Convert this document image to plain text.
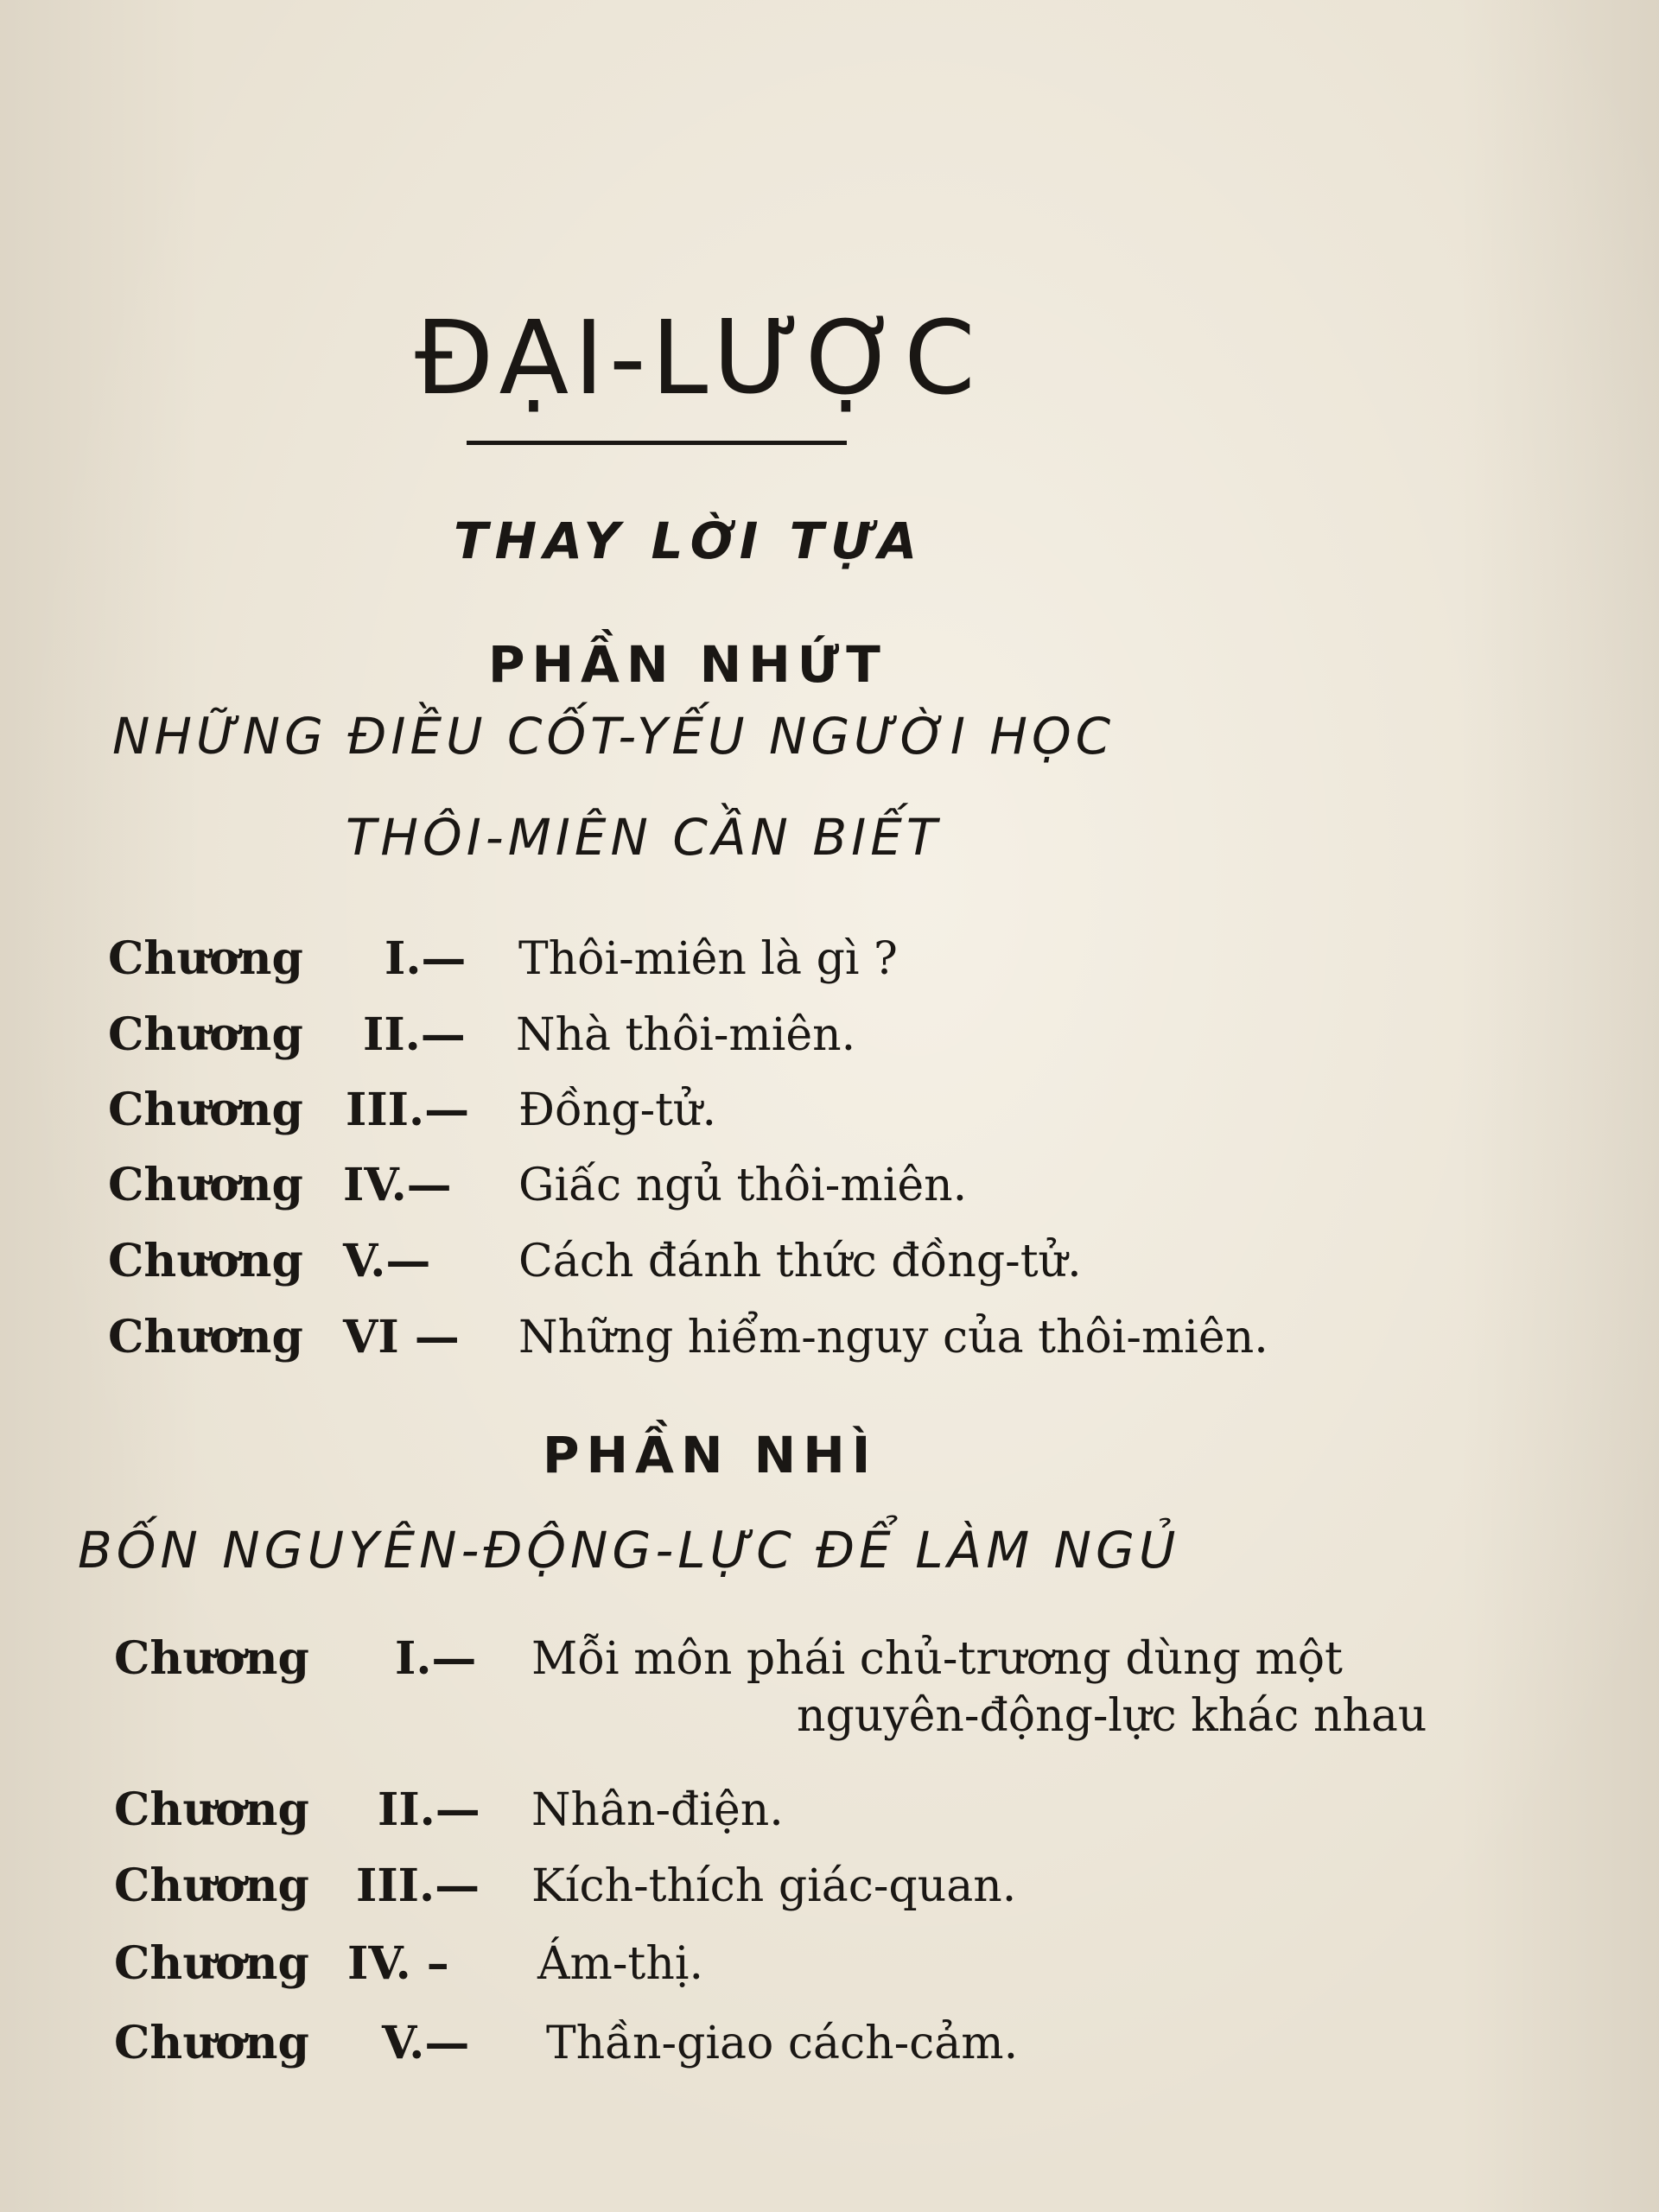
ĐẠI-LƯỢC
THAY LỜI TỰA
PHẦN NHỨT
NHỮNG ĐIỀU CỐT-YẾU NGƯỜI HỌC
THÔI-MIÊN CẦN BIẾT
Chương I.— Thôi-miên là gì ?
Chương II.— Nhà thôi-miên.
Chương III.— Đồng-tử.
Chương IV.— Giấc ngủ thôi-miên.
Chương V.— Cách đánh thức đồng-tử.
Chương VI — Những hiểm-nguy của thôi-miên.
PHẦN NHÌ
BỐN NGUYÊN-ĐỘNG-LỰC ĐỂ LÀM NGỦ
Chương I.— Mỗi môn phái chủ-trương dùng một
nguyên-động-lực khác nhau
Chương II.— Nhân-điện.
Chương III.— Kích-thích giác-quan.
Chương IV. – Ám-thị.
Chương V.— Thần-giao cách-cảm.
